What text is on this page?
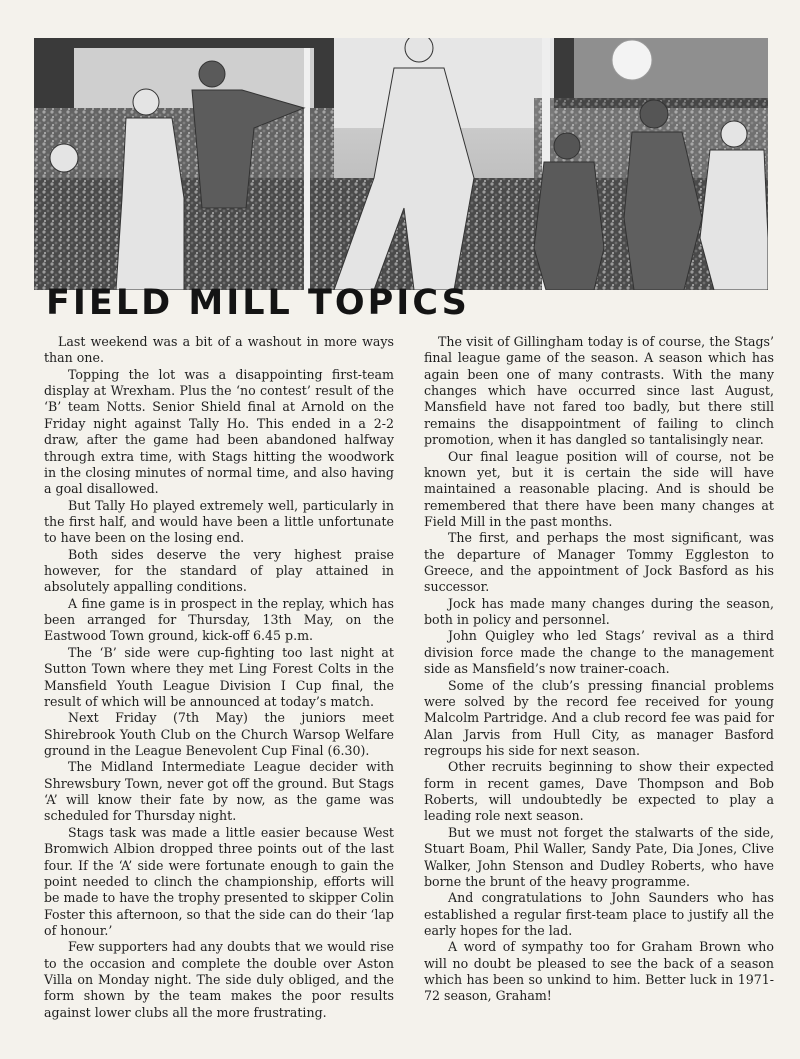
FIELD MILL TOPICS

Last weekend was a bit of a washout in more ways than one.

Topping the lot was a disappointing first-team display at Wrexham. Plus the ‘no contest’ result of the ‘B’ team Notts. Senior Shield final at Arnold on the Friday night against Tally Ho. This ended in a 2-2 draw, after the game had been abandoned halfway through extra time, with Stags hitting the woodwork in the closing minutes of normal time, and also having a goal disallowed.

But Tally Ho played extremely well, particularly in the first half, and would have been a little unfortunate to have been on the losing end.

Both sides deserve the very highest praise however, for the standard of play attained in absolutely appalling conditions.

A fine game is in prospect in the replay, which has been arranged for Thursday, 13th May, on the Eastwood Town ground, kick-off 6.45 p.m.

The ‘B’ side were cup-fighting too last night at Sutton Town where they met Ling Forest Colts in the Mansfield Youth League Division I Cup final, the result of which will be announced at today’s match.

Next Friday (7th May) the juniors meet Shirebrook Youth Club on the Church Warsop Welfare ground in the League Benevolent Cup Final (6.30).

The Midland Intermediate League decider with Shrewsbury Town, never got off the ground. But Stags ‘A’ will know their fate by now, as the game was scheduled for Thursday night.

Stags task was made a little easier because West Bromwich Albion dropped three points out of the last four. If the ‘A’ side were fortunate enough to gain the point needed to clinch the championship, efforts will be made to have the trophy presented to skipper Colin Foster this afternoon, so that the side can do their ‘lap of honour.’

Few supporters had any doubts that we would rise to the occasion and complete the double over Aston Villa on Monday night. The side duly obliged, and the form shown by the team makes the poor results against lower clubs all the more frustrating.

The visit of Gillingham today is of course, the Stags’ final league game of the season. A season which has again been one of many contrasts. With the many changes which have occurred since last August, Mansfield have not fared too badly, but there still remains the disappointment of failing to clinch promotion, when it has dangled so tantalisingly near.

Our final league position will of course, not be known yet, but it is certain the side will have maintained a reasonable placing. And is should be remembered that there have been many changes at Field Mill in the past months.

The first, and perhaps the most significant, was the departure of Manager Tommy Eggleston to Greece, and the appointment of Jock Basford as his successor.

Jock has made many changes during the season, both in policy and personnel.

John Quigley who led Stags’ revival as a third division force made the change to the management side as Mansfield’s now trainer-coach.

Some of the club’s pressing financial problems were solved by the record fee received for young Malcolm Partridge. And a club record fee was paid for Alan Jarvis from Hull City, as manager Basford regroups his side for next season.

Other recruits beginning to show their expected form in recent games, Dave Thompson and Bob Roberts, will undoubtedly be expected to play a leading role next season.

But we must not forget the stalwarts of the side, Stuart Boam, Phil Waller, Sandy Pate, Dia Jones, Clive Walker, John Stenson and Dudley Roberts, who have borne the brunt of the heavy programme.

And congratulations to John Saunders who has established a regular first-team place to justify all the early hopes for the lad.

A word of sympathy too for Graham Brown who will no doubt be pleased to see the back of a season which has been so unkind to him. Better luck in 1971-72 season, Graham!
